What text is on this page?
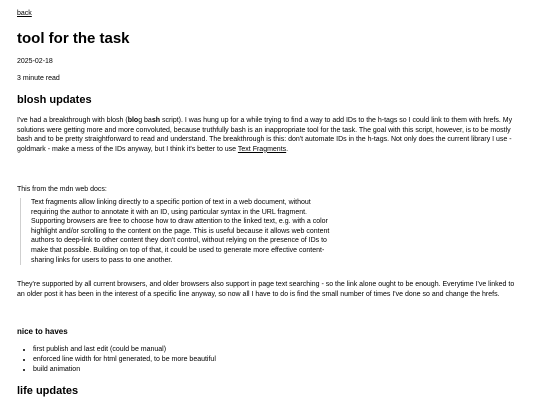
back
tool for the task
2025-02-18
3 minute read
blosh updates

I've had a breakthrough with blosh (blog bash script). I was hung up for a while trying to find a way to add IDs to the h-tags so I could link to them with hrefs. My solutions were getting more and more convoluted, because truthfully bash is an inappropriate tool for the task. The goal with this script, however, is to be mostly bash and to be pretty straightforward to read and understand. The breakthrough is this: don't automate IDs in the h-tags. Not only does the current library I use - goldmark - make a mess of the IDs anyway, but I think it's better to use Text Fragments.

This from the mdn web docs:

Text fragments allow linking directly to a specific portion of text in a web document, without requiring the author to annotate it with an ID, using particular syntax in the URL fragment. Supporting browsers are free to choose how to draw attention to the linked text, e.g. with a color highlight and/or scrolling to the content on the page. This is useful because it allows web content authors to deep-link to other content they don't control, without relying on the presence of IDs to make that possible. Building on top of that, it could be used to generate more effective content-sharing links for users to pass to one another.

They're supported by all current browsers, and older browsers also support in page text searching - so the link alone ought to be enough. Everytime I've linked to an older post it has been in the interest of a specific line anyway, so now all I have to do is find the small number of times I've done so and change the hrefs.

nice to haves
• first publish and last edit (could be manual)
• enforced line width for html generated, to be more beautiful
• build animation
life updates
